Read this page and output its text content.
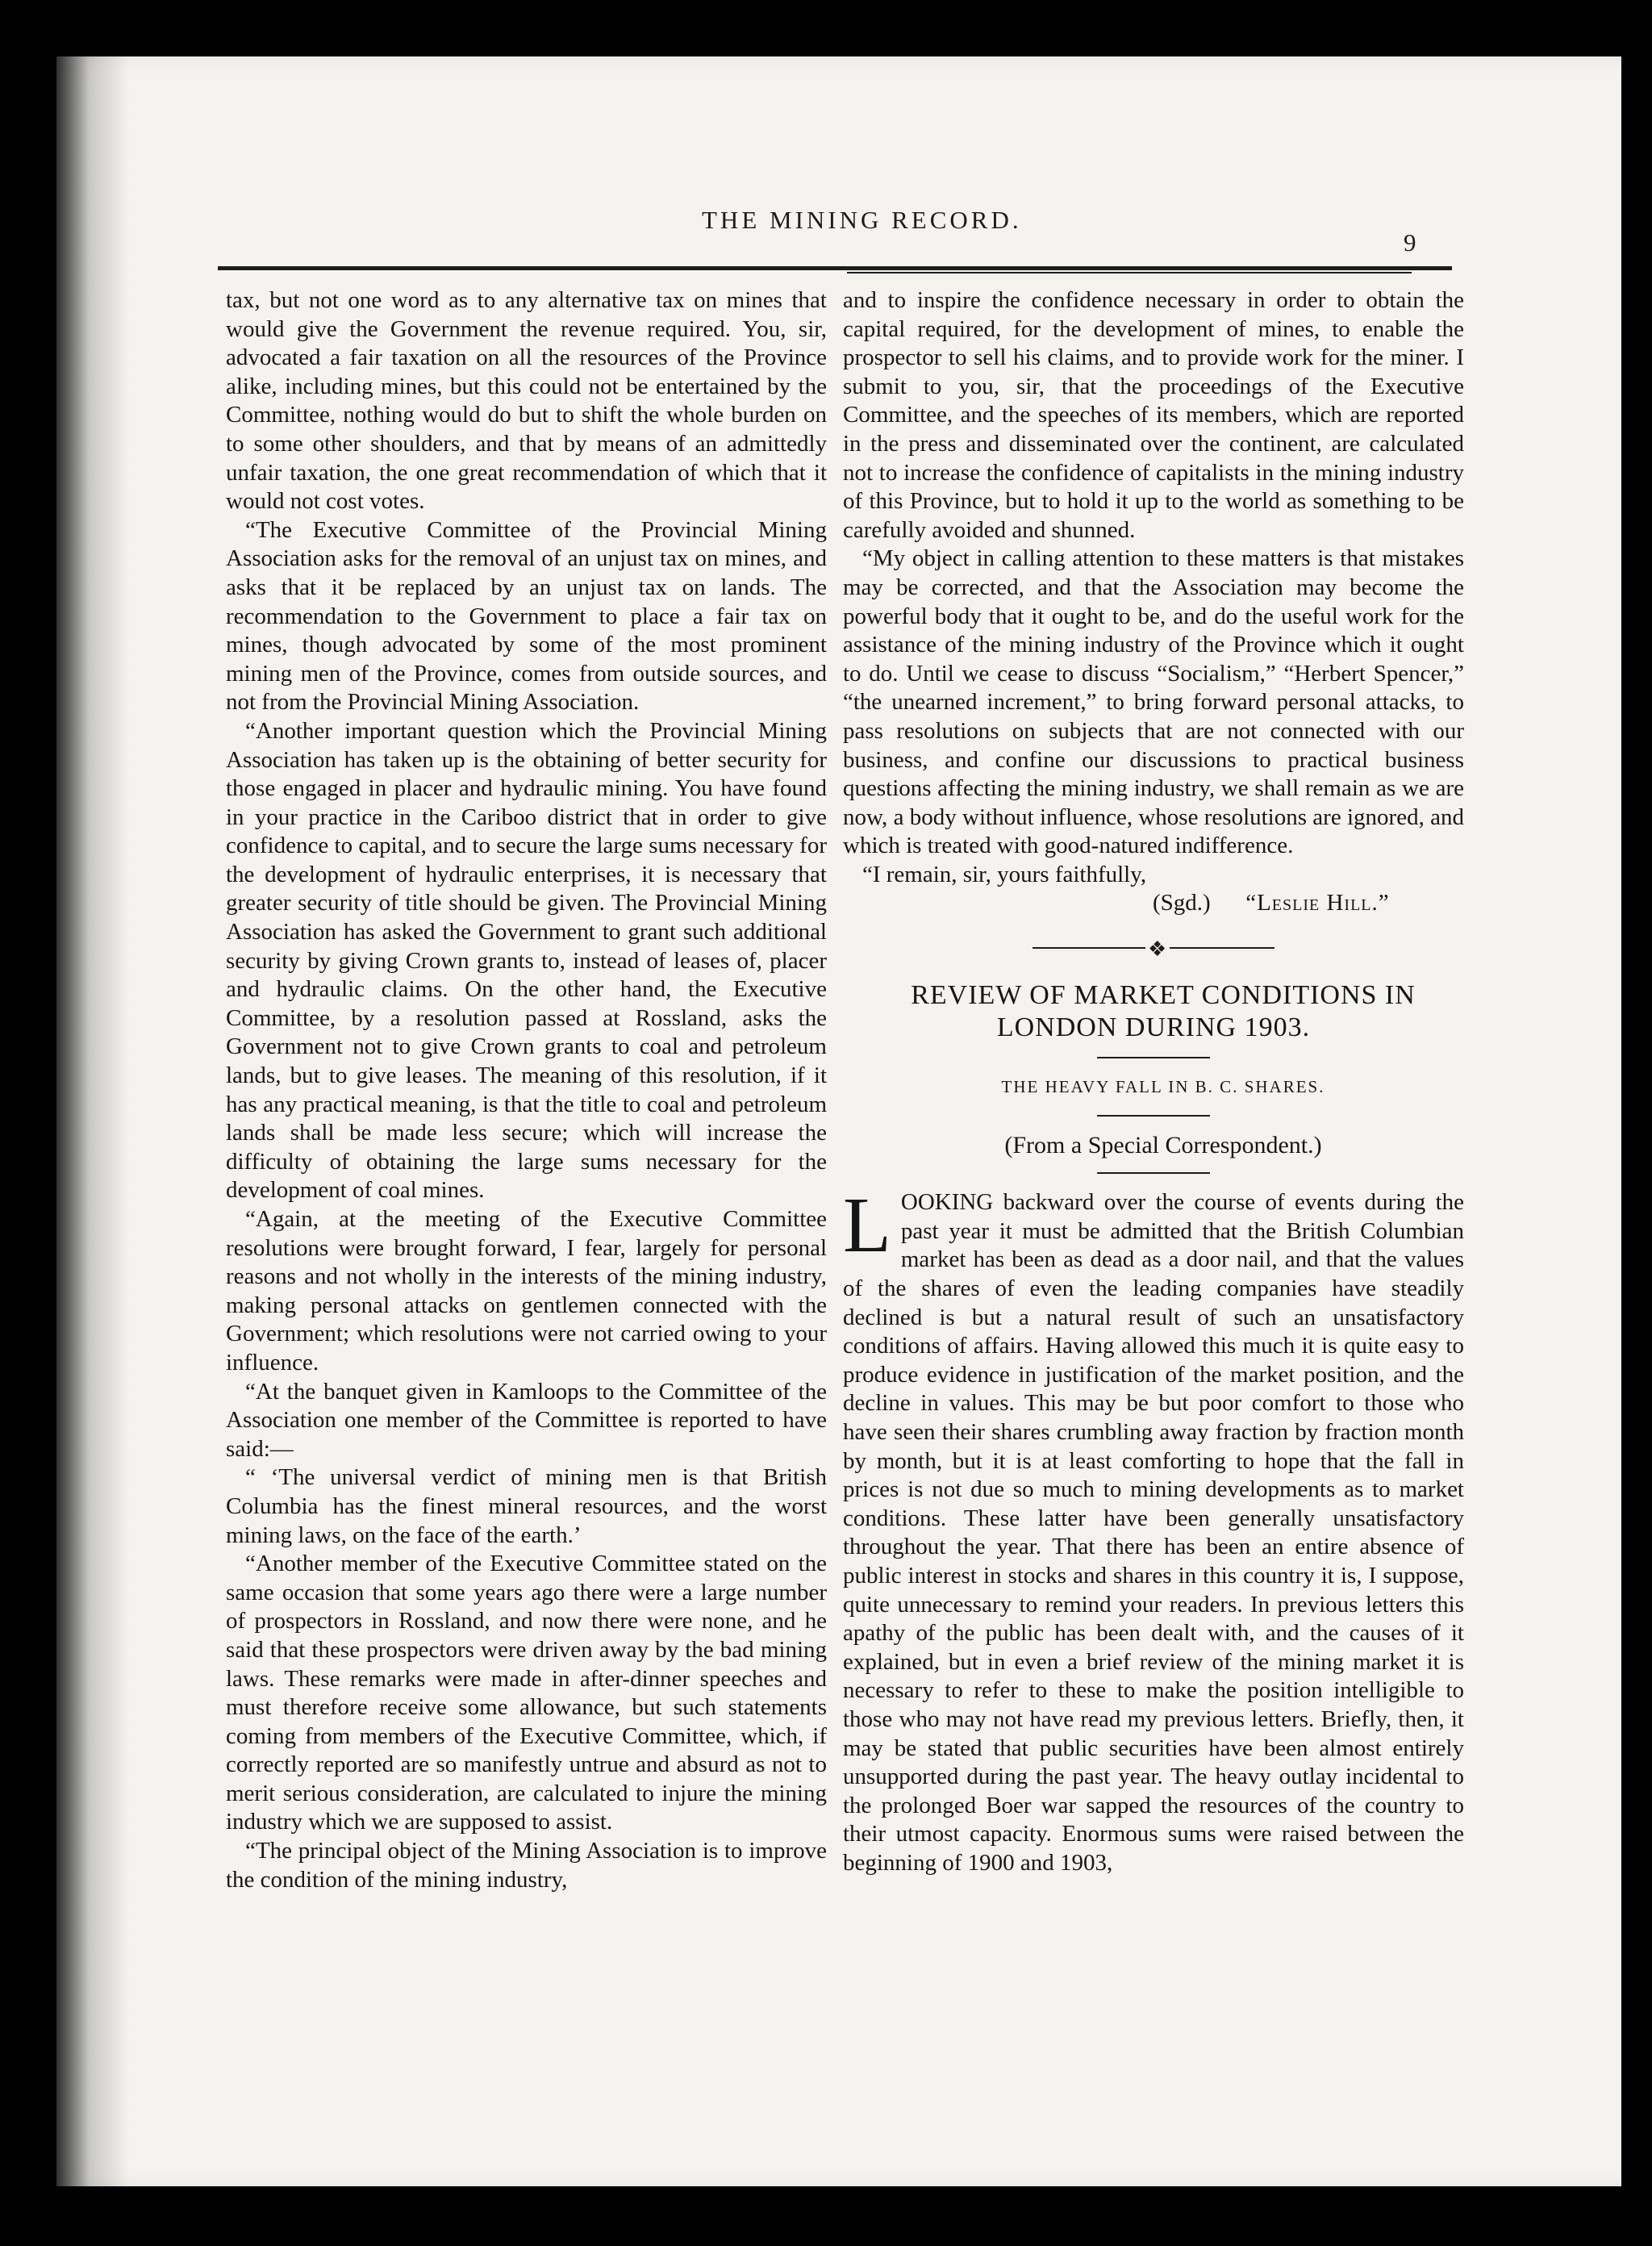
THE MINING RECORD.
9

tax, but not one word as to any alternative tax on mines that would give the Government the revenue required. You, sir, advocated a fair taxation on all the resources of the Province alike, including mines, but this could not be entertained by the Committee, nothing would do but to shift the whole burden on to some other shoulders, and that by means of an admittedly unfair taxation, the one great recommendation of which that it would not cost votes.

“The Executive Committee of the Provincial Mining Association asks for the removal of an unjust tax on mines, and asks that it be replaced by an unjust tax on lands. The recommendation to the Government to place a fair tax on mines, though advocated by some of the most prominent mining men of the Province, comes from outside sources, and not from the Provincial Mining Association.

“Another important question which the Provincial Mining Association has taken up is the obtaining of better security for those engaged in placer and hydraulic mining. You have found in your practice in the Cariboo district that in order to give confidence to capital, and to secure the large sums necessary for the development of hydraulic enterprises, it is necessary that greater security of title should be given. The Provincial Mining Association has asked the Government to grant such additional security by giving Crown grants to, instead of leases of, placer and hydraulic claims. On the other hand, the Executive Committee, by a resolution passed at Rossland, asks the Government not to give Crown grants to coal and petroleum lands, but to give leases. The meaning of this resolution, if it has any practical meaning, is that the title to coal and petroleum lands shall be made less secure; which will increase the difficulty of obtaining the large sums necessary for the development of coal mines.

“Again, at the meeting of the Executive Committee resolutions were brought forward, I fear, largely for personal reasons and not wholly in the interests of the mining industry, making personal attacks on gentlemen connected with the Government; which resolutions were not carried owing to your influence.

“At the banquet given in Kamloops to the Committee of the Association one member of the Committee is reported to have said:—

“ ‘The universal verdict of mining men is that British Columbia has the finest mineral resources, and the worst mining laws, on the face of the earth.’

“Another member of the Executive Committee stated on the same occasion that some years ago there were a large number of prospectors in Rossland, and now there were none, and he said that these prospectors were driven away by the bad mining laws. These remarks were made in after-dinner speeches and must therefore receive some allowance, but such statements coming from members of the Executive Committee, which, if correctly reported are so manifestly untrue and absurd as not to merit serious consideration, are calculated to injure the mining industry which we are supposed to assist.

“The principal object of the Mining Association is to improve the condition of the mining industry,

and to inspire the confidence necessary in order to obtain the capital required, for the development of mines, to enable the prospector to sell his claims, and to provide work for the miner. I submit to you, sir, that the proceedings of the Executive Committee, and the speeches of its members, which are reported in the press and disseminated over the continent, are calculated not to increase the confidence of capitalists in the mining industry of this Province, but to hold it up to the world as something to be carefully avoided and shunned.

“My object in calling attention to these matters is that mistakes may be corrected, and that the Association may become the powerful body that it ought to be, and do the useful work for the assistance of the mining industry of the Province which it ought to do. Until we cease to discuss “Socialism,” “Herbert Spencer,” “the unearned increment,” to bring forward personal attacks, to pass resolutions on subjects that are not connected with our business, and confine our discussions to practical business questions affecting the mining industry, we shall remain as we are now, a body without influence, whose resolutions are ignored, and which is treated with good-natured indifference.

“I remain, sir, yours faithfully,

(Sgd.) “Leslie Hill.”

❖

REVIEW OF MARKET CONDITIONS IN LONDON DURING 1903.

THE HEAVY FALL IN B. C. SHARES.

(From a Special Correspondent.)

LOOKING backward over the course of events during the past year it must be admitted that the British Columbian market has been as dead as a door nail, and that the values of the shares of even the leading companies have steadily declined is but a natural result of such an unsatisfactory conditions of affairs. Having allowed this much it is quite easy to produce evidence in justification of the market position, and the decline in values. This may be but poor comfort to those who have seen their shares crumbling away fraction by fraction month by month, but it is at least comforting to hope that the fall in prices is not due so much to mining developments as to market conditions. These latter have been generally unsatisfactory throughout the year. That there has been an entire absence of public interest in stocks and shares in this country it is, I suppose, quite unnecessary to remind your readers. In previous letters this apathy of the public has been dealt with, and the causes of it explained, but in even a brief review of the mining market it is necessary to refer to these to make the position intelligible to those who may not have read my previous letters. Briefly, then, it may be stated that public securities have been almost entirely unsupported during the past year. The heavy outlay incidental to the prolonged Boer war sapped the resources of the country to their utmost capacity. Enormous sums were raised between the beginning of 1900 and 1903,
